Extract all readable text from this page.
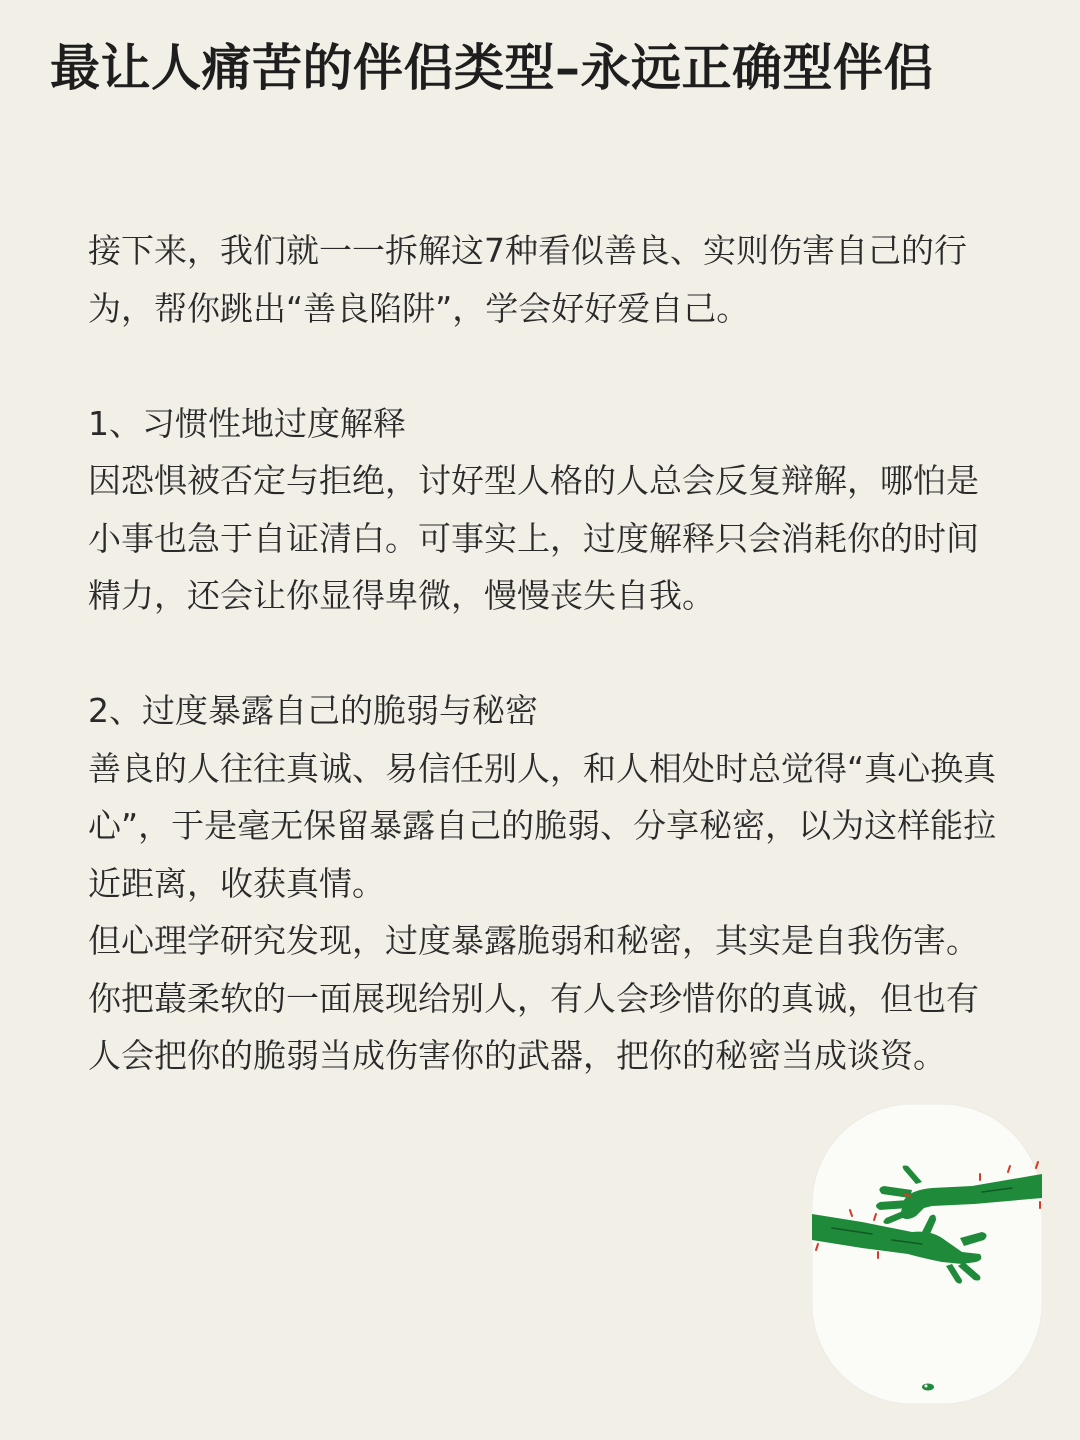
最让人痛苦的伴侣类型–永远正确型伴侣

接下来，我们就一一拆解这7种看似善良、实则伤害自己的行为，帮你跳出“善良陷阱”，学会好好爱自己。

1、习惯性地过度解释

因恐惧被否定与拒绝，讨好型人格的人总会反复辩解，哪怕是小事也急于自证清白。可事实上，过度解释只会消耗你的时间精力，还会让你显得卑微，慢慢丧失自我。

2、过度暴露自己的脆弱与秘密

善良的人往往真诚、易信任别人，和人相处时总觉得“真心换真心”，于是毫无保留暴露自己的脆弱、分享秘密，以为这样能拉近距离，收获真情。

但心理学研究发现，过度暴露脆弱和秘密，其实是自我伤害。你把蕞柔软的一面展现给别人，有人会珍惜你的真诚，但也有人会把你的脆弱当成伤害你的武器，把你的秘密当成谈资。
